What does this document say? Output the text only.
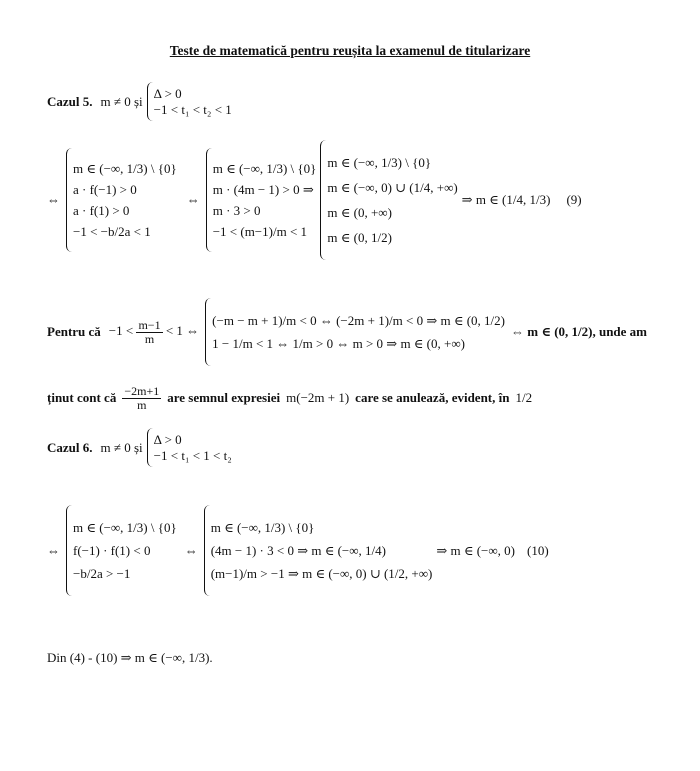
Teste de matematică pentru reușita la examenul de titularizare
Cazul 5. m ≠ 0 și Δ > 0
−1 < t₁ < t₂ < 1
⇔
m ∈ (−∞, 1/3) \ {0}
a · f(−1) > 0
a · f(1) > 0
−1 < −b/2a < 1
⇔
m ∈ (−∞, 1/3) \ {0}
m · (4m − 1) > 0 ⇒
m · 3 > 0
−1 < (m−1)/m < 1
m ∈ (−∞, 1/3) \ {0}
m ∈ (−∞, 0) ∪ (1/4, +∞)
m ∈ (0, +∞)
m ∈ (0, 1/2)
⇒ m ∈ (1/4, 1/3) (9)
Pentru că $-1 < \frac{m-1}{m} < 1$ ⇔
(−m − m + 1)/m < 0 ⇔ (−2m + 1)/m < 0 ⇒ m ∈ (0, 1/2)
1 − 1/m < 1 ⇔ 1/m > 0 ⇔ m > 0 ⇒ m ∈ (0, +∞)
⇔ m ∈ (0, 1/2), unde am
ținut cont că $\frac{-2m+1}{m}$ are semnul expresiei m(−2m + 1) care se anulează, evident, în 1/2
Cazul 6. m ≠ 0 și Δ > 0
−1 < t₁ < 1 < t₂
⇔
m ∈ (−∞, 1/3) \ {0}
f(−1) · f(1) < 0
−b/2a > −1
⇔
m ∈ (−∞, 1/3) \ {0}
(4m − 1) · 3 < 0 ⇒ m ∈ (−∞, 1/4)
(m−1)/m > −1 ⇒ m ∈ (−∞, 0) ∪ (1/2, +∞)
⇒ m ∈ (−∞, 0) (10)
Din (4) - (10) ⇒ m ∈ (−∞, 1/3).
